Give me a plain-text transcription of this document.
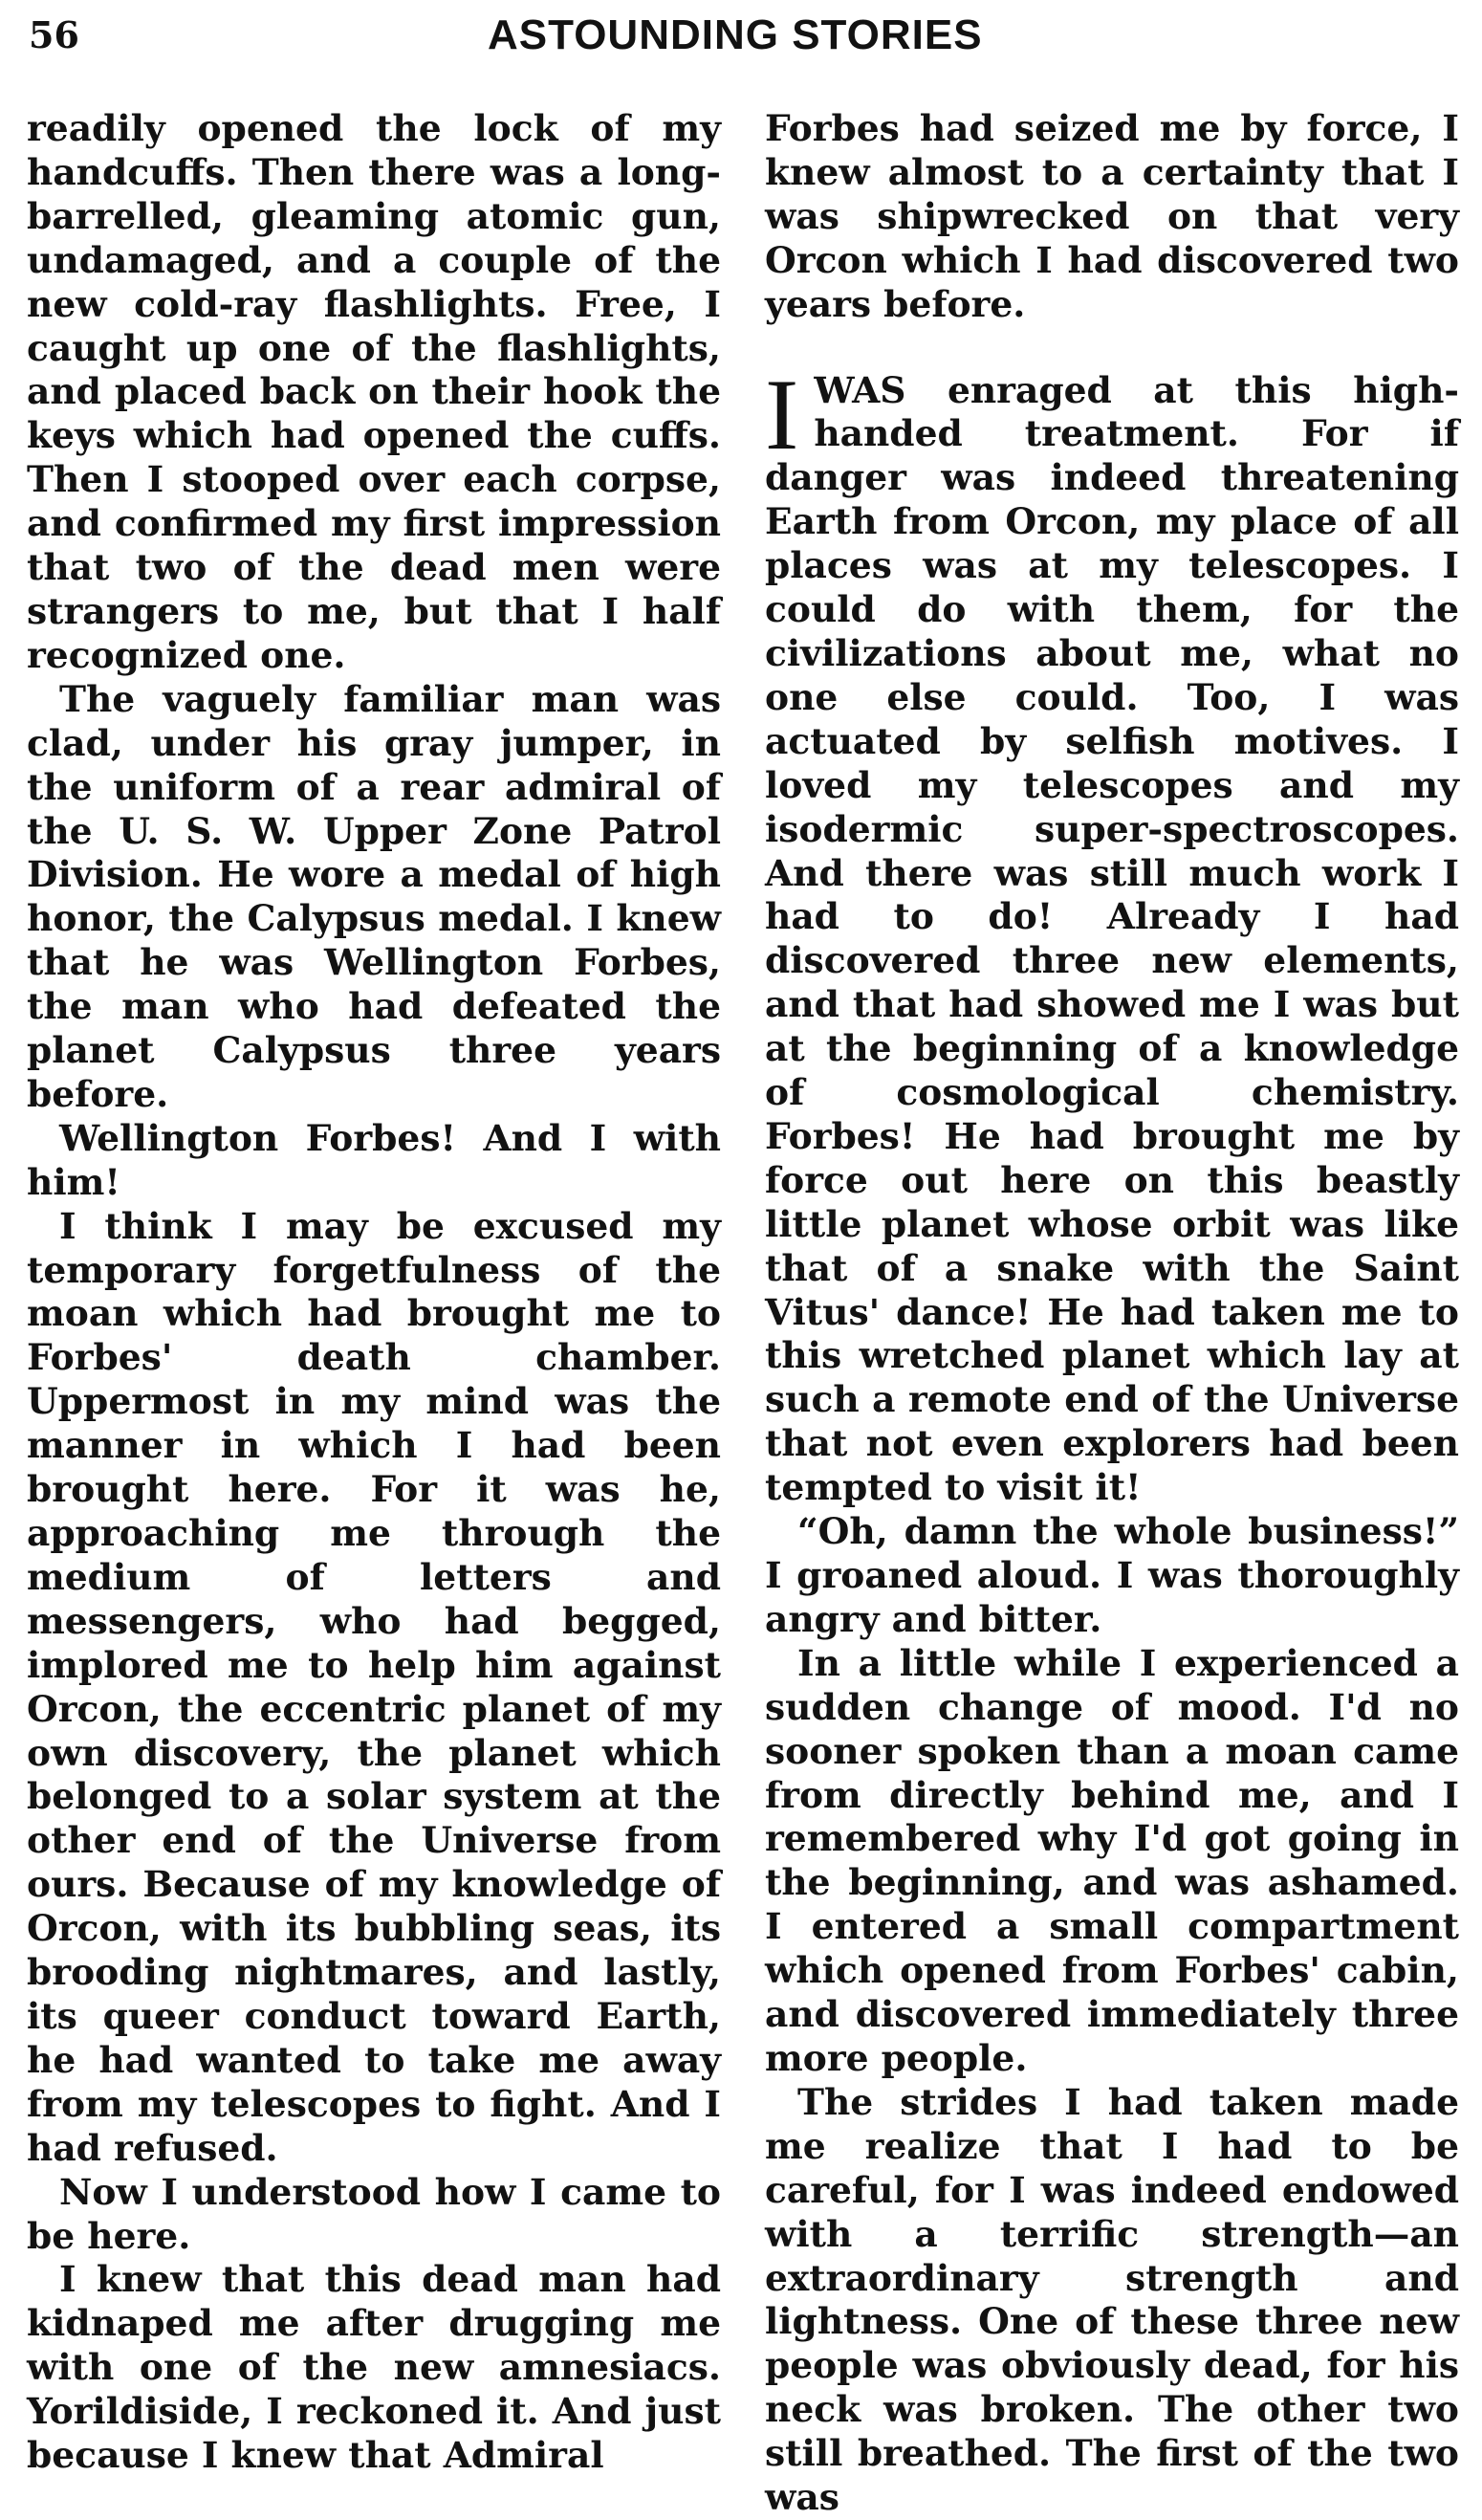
56	ASTOUNDING STORIES

readily opened the lock of my handcuffs. Then there was a long-barrelled, gleaming atomic gun, undamaged, and a couple of the new cold-ray flashlights. Free, I caught up one of the flashlights, and placed back on their hook the keys which had opened the cuffs. Then I stooped over each corpse, and confirmed my first impression that two of the dead men were strangers to me, but that I half recognized one.

The vaguely familiar man was clad, under his gray jumper, in the uniform of a rear admiral of the U. S. W. Upper Zone Patrol Division. He wore a medal of high honor, the Calypsus medal. I knew that he was Wellington Forbes, the man who had defeated the planet Calypsus three years before.

Wellington Forbes! And I with him!

I think I may be excused my temporary forgetfulness of the moan which had brought me to Forbes' death chamber. Uppermost in my mind was the manner in which I had been brought here. For it was he, approaching me through the medium of letters and messengers, who had begged, implored me to help him against Orcon, the eccentric planet of my own discovery, the planet which belonged to a solar system at the other end of the Universe from ours. Because of my knowledge of Orcon, with its bubbling seas, its brooding nightmares, and lastly, its queer conduct toward Earth, he had wanted to take me away from my telescopes to fight. And I had refused.

Now I understood how I came to be here.

I knew that this dead man had kidnaped me after drugging me with one of the new amnesiacs. Yorildiside, I reckoned it. And just because I knew that Admiral

Forbes had seized me by force, I knew almost to a certainty that I was shipwrecked on that very Orcon which I had discovered two years before.

IWAS enraged at this high-handed treatment. For if danger was indeed threatening Earth from Orcon, my place of all places was at my telescopes. I could do with them, for the civilizations about me, what no one else could. Too, I was actuated by selfish motives. I loved my telescopes and my isodermic super-spectroscopes. And there was still much work I had to do! Already I had discovered three new elements, and that had showed me I was but at the beginning of a knowledge of cosmological chemistry. Forbes! He had brought me by force out here on this beastly little planet whose orbit was like that of a snake with the Saint Vitus' dance! He had taken me to this wretched planet which lay at such a remote end of the Universe that not even explorers had been tempted to visit it!

“Oh, damn the whole business!” I groaned aloud. I was thoroughly angry and bitter.

In a little while I experienced a sudden change of mood. I'd no sooner spoken than a moan came from directly behind me, and I remembered why I'd got going in the beginning, and was ashamed. I entered a small compartment which opened from Forbes' cabin, and discovered immediately three more people.

The strides I had taken made me realize that I had to be careful, for I was indeed endowed with a terrific strength—an extraordinary strength and lightness. One of these three new people was obviously dead, for his neck was broken. The other two still breathed. The first of the two was
